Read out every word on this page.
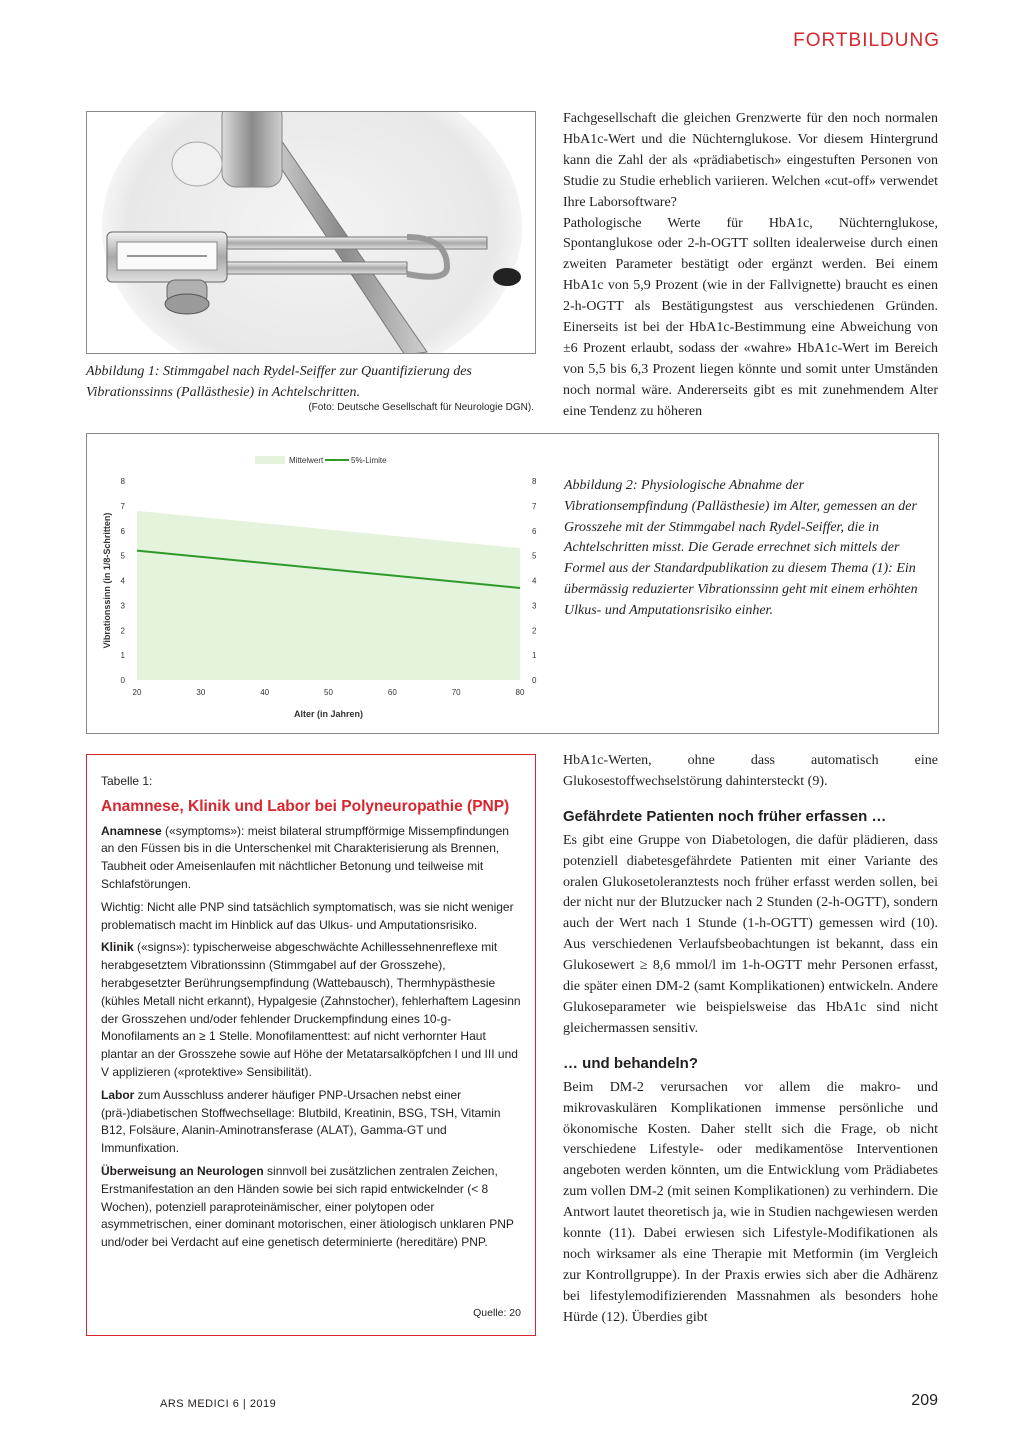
FORTBILDUNG
Abbildung 1: Stimmgabel nach Rydel-Seiffer zur Quantifizierung des Vibrationssinns (Pallästhesie) in Achtelschritten.
(Foto: Deutsche Gesellschaft für Neurologie DGN).

Fachgesellschaft die gleichen Grenzwerte für den noch normalen HbA1c-Wert und die Nüchternglukose. Vor diesem Hintergrund kann die Zahl der als «prädiabetisch» eingestuften Personen von Studie zu Studie erheblich variieren. Welchen «cut-off» verwendet Ihre Laborsoftware?

Pathologische Werte für HbA1c, Nüchternglukose, Spontanglukose oder 2-h-OGTT sollten idealerweise durch einen zweiten Parameter bestätigt oder ergänzt werden. Bei einem HbA1c von 5,9 Prozent (wie in der Fallvignette) braucht es einen 2-h-OGTT als Bestätigungstest aus verschiedenen Gründen. Einerseits ist bei der HbA1c-Bestimmung eine Abweichung von ±6 Prozent erlaubt, sodass der «wahre» HbA1c-Wert im Bereich von 5,5 bis 6,3 Prozent liegen könnte und somit unter Umständen noch normal wäre. Andererseits gibt es mit zunehmendem Alter eine Tendenz zu höheren

0	0
1	1
2	2
3	3
4	4
5	5
6	6
7	7
8	8
20	30	40	50	60	70	80
Alter (in Jahren)
Vibrationssinn (in 1/8-Schritten)
Mittelwert	5%-Limite
Abbildung 2: Physiologische Abnahme der Vibrationsempfindung (Pallästhesie) im Alter, gemessen an der Grosszehe mit der Stimmgabel nach Rydel-Seiffer, die in Achtelschritten misst. Die Gerade errechnet sich mittels der Formel aus der Standardpublikation zu diesem Thema (1): Ein übermässig reduzierter Vibrationssinn geht mit einem erhöhten Ulkus- und Amputationsrisiko einher.
Tabelle 1:
Anamnese, Klinik und Labor bei Polyneuropathie (PNP)

Anamnese («symptoms»): meist bilateral strumpfförmige Missempfindungen an den Füssen bis in die Unterschenkel mit Charakterisierung als Brennen, Taubheit oder Ameisenlaufen mit nächtlicher Betonung und teilweise mit Schlafstörungen.

Wichtig: Nicht alle PNP sind tatsächlich symptomatisch, was sie nicht weniger problematisch macht im Hinblick auf das Ulkus- und Amputationsrisiko.

Klinik («signs»): typischerweise abgeschwächte Achillessehnenreflexe mit herabgesetztem Vibrationssinn (Stimmgabel auf der Grosszehe), herabgesetzter Berührungsempfindung (Wattebausch), Thermhypästhesie (kühles Metall nicht erkannt), Hypalgesie (Zahnstocher), fehlerhaftem Lagesinn der Grosszehen und/oder fehlender Druckempfindung eines 10-g-Monofilaments an ≥ 1 Stelle. Monofilamenttest: auf nicht verhornter Haut plantar an der Grosszehe sowie auf Höhe der Metatarsalköpfchen I und III und V applizieren («protektive» Sensibilität).

Labor zum Ausschluss anderer häufiger PNP-Ursachen nebst einer (prä-)diabetischen Stoffwechsellage: Blutbild, Kreatinin, BSG, TSH, Vitamin B12, Folsäure, Alanin-Aminotransferase (ALAT), Gamma-GT und Immunfixation.

Überweisung an Neurologen sinnvoll bei zusätzlichen zentralen Zeichen, Erstmanifestation an den Händen sowie bei sich rapid entwickelnder (< 8 Wochen), potenziell paraproteinämischer, einer polytopen oder asymmetrischen, einer dominant motorischen, einer ätiologisch unklaren PNP und/oder bei Verdacht auf eine genetisch determinierte (hereditäre) PNP.

Quelle: 20

HbA1c-Werten, ohne dass automatisch eine Glukosestoffwechselstörung dahintersteckt (9).

Gefährdete Patienten noch früher erfassen …

Es gibt eine Gruppe von Diabetologen, die dafür plädieren, dass potenziell diabetesgefährdete Patienten mit einer Variante des oralen Glukosetoleranztests noch früher erfasst werden sollen, bei der nicht nur der Blutzucker nach 2 Stunden (2-h-OGTT), sondern auch der Wert nach 1 Stunde (1-h-OGTT) gemessen wird (10). Aus verschiedenen Verlaufsbeobachtungen ist bekannt, dass ein Glukosewert ≥ 8,6 mmol/l im 1-h-OGTT mehr Personen erfasst, die später einen DM-2 (samt Komplikationen) entwickeln. Andere Glukoseparameter wie beispielsweise das HbA1c sind nicht gleichermassen sensitiv.

… und behandeln?

Beim DM-2 verursachen vor allem die makro- und mikrovaskulären Komplikationen immense persönliche und ökonomische Kosten. Daher stellt sich die Frage, ob nicht verschiedene Lifestyle- oder medikamentöse Interventionen angeboten werden könnten, um die Entwicklung vom Prädiabetes zum vollen DM-2 (mit seinen Komplikationen) zu verhindern. Die Antwort lautet theoretisch ja, wie in Studien nachgewiesen werden konnte (11). Dabei erwiesen sich Lifestyle-Modifikationen als noch wirksamer als eine Therapie mit Metformin (im Vergleich zur Kontrollgruppe). In der Praxis erwies sich aber die Adhärenz bei lifestylemodifizierenden Massnahmen als besonders hohe Hürde (12). Überdies gibt

ARS MEDICI 6 | 2019	209
